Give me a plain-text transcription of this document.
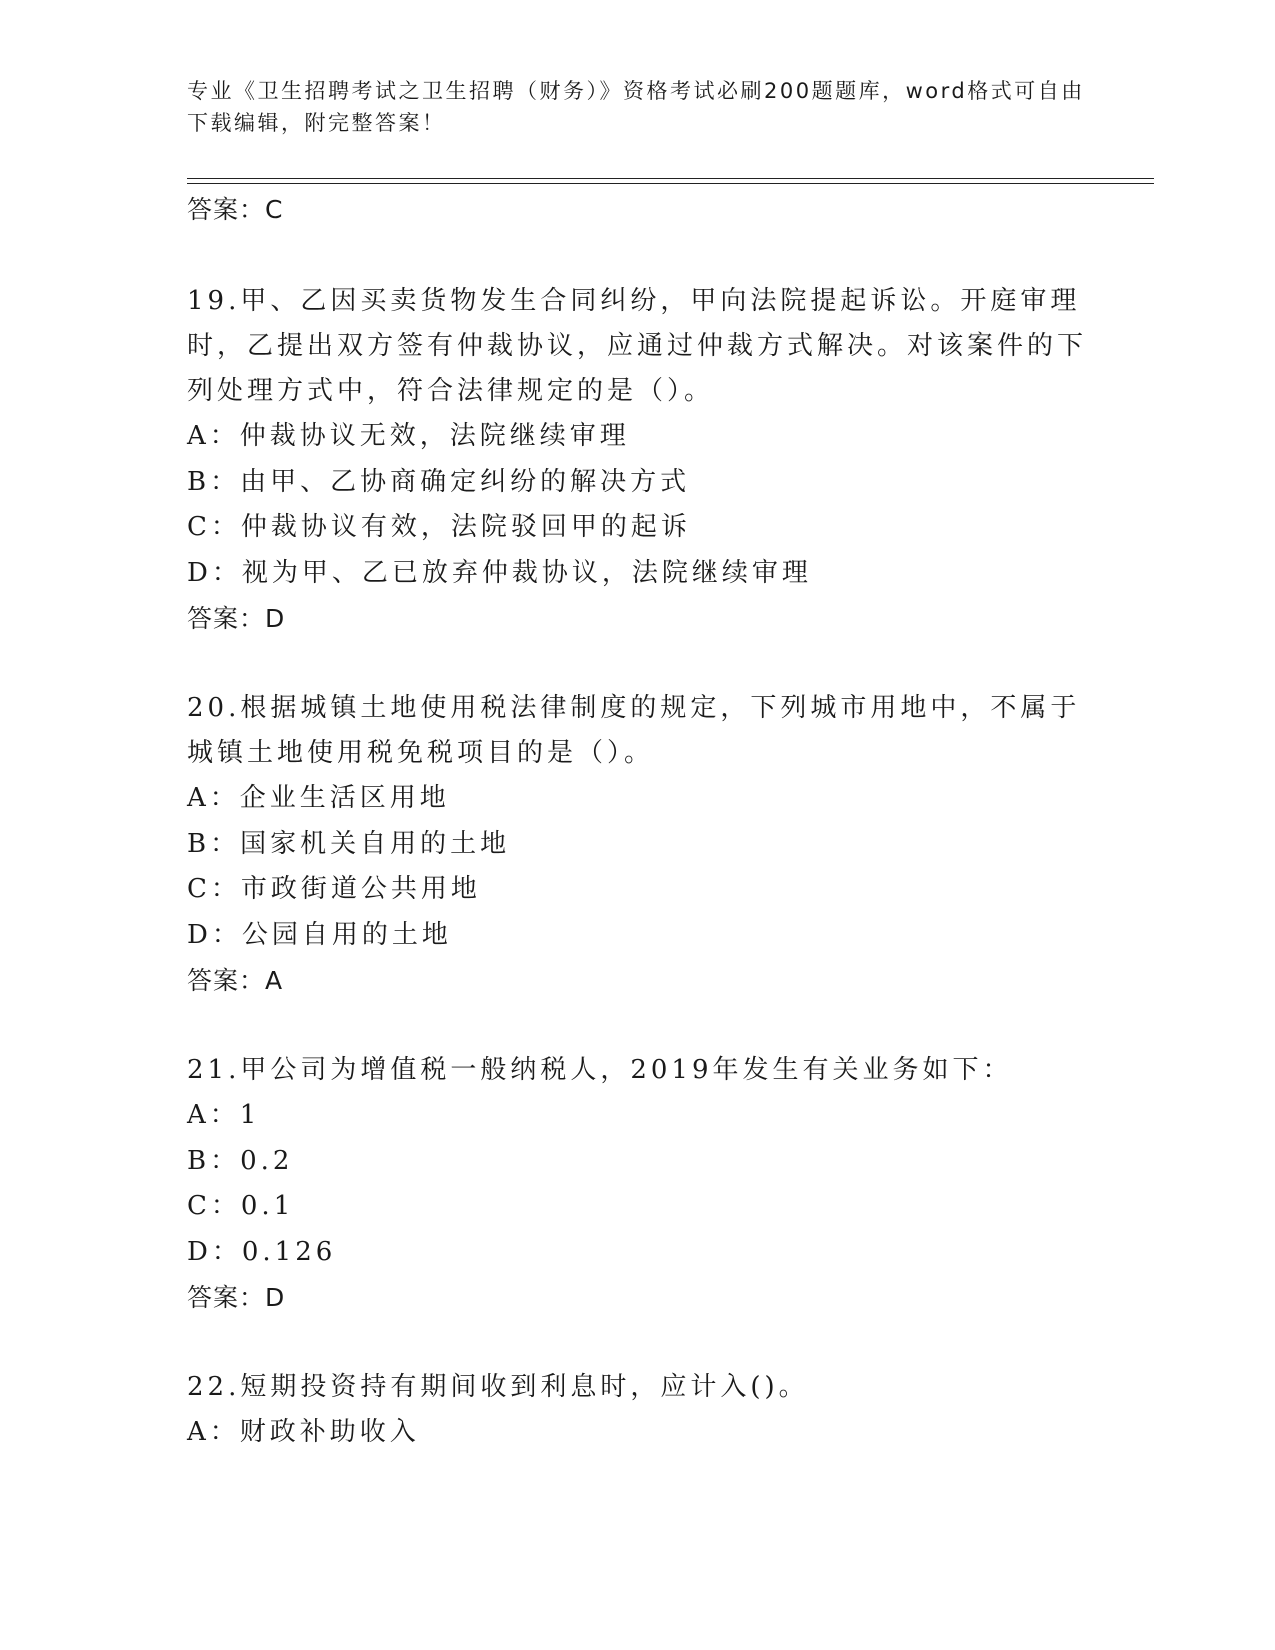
专业《卫生招聘考试之卫生招聘（财务）》资格考试必刷200题题库，word格式可自由下载编辑，附完整答案！
答案：C
19.甲、乙因买卖货物发生合同纠纷，甲向法院提起诉讼。开庭审理时，乙提出双方签有仲裁协议，应通过仲裁方式解决。对该案件的下列处理方式中，符合法律规定的是（）。
A：仲裁协议无效，法院继续审理
B：由甲、乙协商确定纠纷的解决方式
C：仲裁协议有效，法院驳回甲的起诉
D：视为甲、乙已放弃仲裁协议，法院继续审理
答案：D
20.根据城镇土地使用税法律制度的规定，下列城市用地中，不属于城镇土地使用税免税项目的是（）。
A：企业生活区用地
B：国家机关自用的土地
C：市政街道公共用地
D：公园自用的土地
答案：A
21.甲公司为增值税一般纳税人，2019年发生有关业务如下：
A：1
B：0.2
C：0.1
D：0.126
答案：D
22.短期投资持有期间收到利息时，应计入()。
A：财政补助收入
